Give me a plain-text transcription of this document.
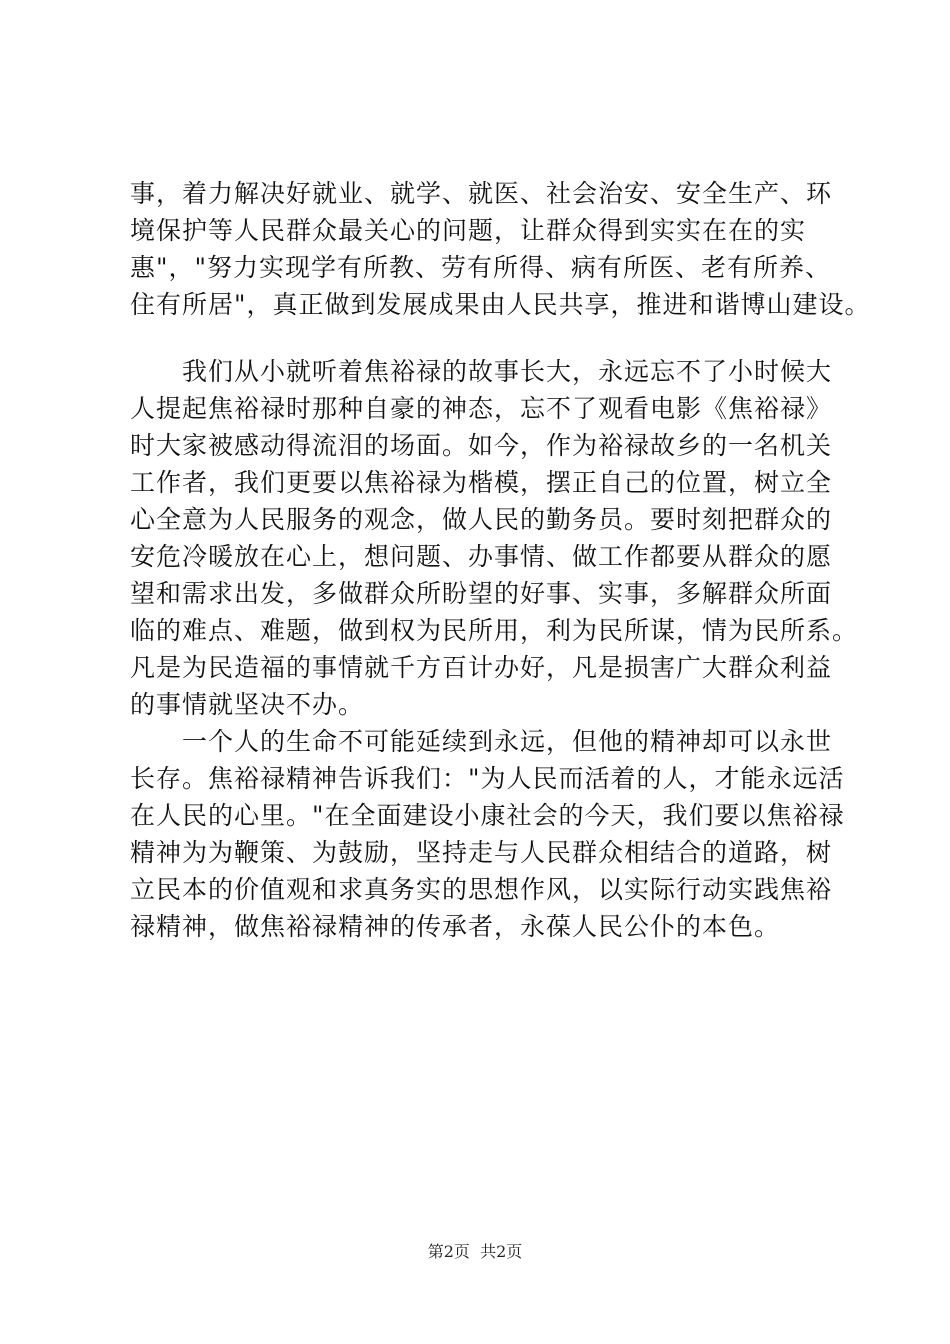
事，着力解决好就业、就学、就医、社会治安、安全生产、环
境保护等人民群众最关心的问题，让群众得到实实在在的实
惠"，"努力实现学有所教、劳有所得、病有所医、老有所养、
住有所居"，真正做到发展成果由人民共享，推进和谐博山建设。
　　我们从小就听着焦裕禄的故事长大，永远忘不了小时候大
人提起焦裕禄时那种自豪的神态，忘不了观看电影《焦裕禄》
时大家被感动得流泪的场面。如今，作为裕禄故乡的一名机关
工作者，我们更要以焦裕禄为楷模，摆正自己的位置，树立全
心全意为人民服务的观念，做人民的勤务员。要时刻把群众的
安危冷暖放在心上，想问题、办事情、做工作都要从群众的愿
望和需求出发，多做群众所盼望的好事、实事，多解群众所面
临的难点、难题，做到权为民所用，利为民所谋，情为民所系。
凡是为民造福的事情就千方百计办好，凡是损害广大群众利益
的事情就坚决不办。
　　一个人的生命不可能延续到永远，但他的精神却可以永世
长存。焦裕禄精神告诉我们："为人民而活着的人，才能永远活
在人民的心里。"在全面建设小康社会的今天，我们要以焦裕禄
精神为为鞭策、为鼓励，坚持走与人民群众相结合的道路，树
立民本的价值观和求真务实的思想作风，以实际行动实践焦裕
禄精神，做焦裕禄精神的传承者，永葆人民公仆的本色。
第2页  共2页
